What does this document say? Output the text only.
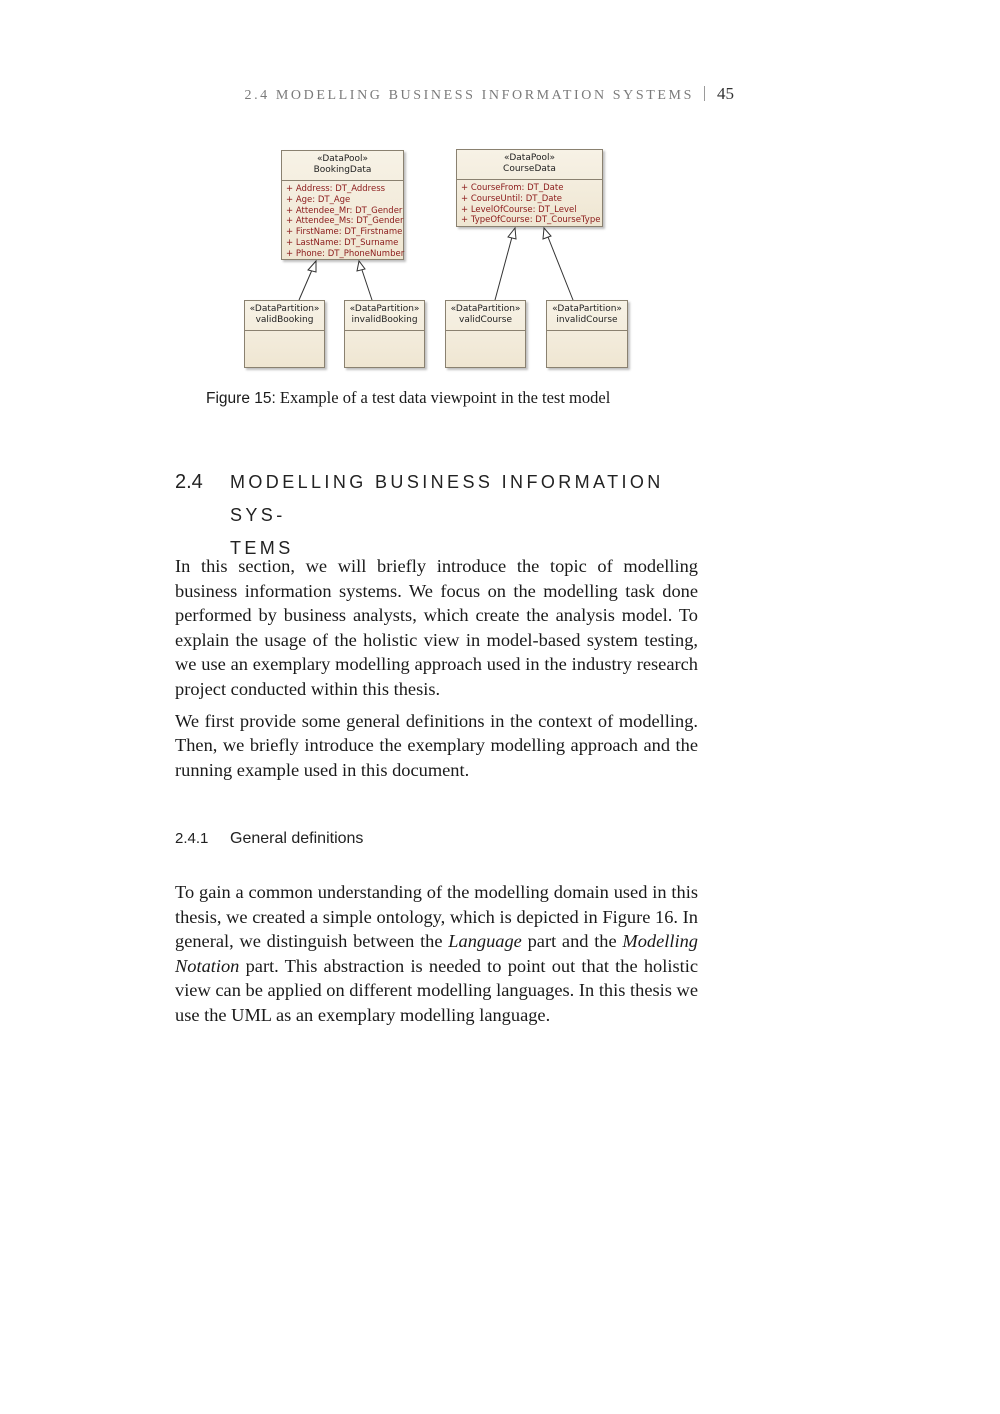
2.4 MODELLING BUSINESS INFORMATION SYSTEMS 45
«DataPool»
BookingData
+ Address: DT_Address
+ Age: DT_Age
+ Attendee_Mr: DT_Gender
+ Attendee_Ms: DT_Gender
+ FirstName: DT_Firstname
+ LastName: DT_Surname
+ Phone: DT_PhoneNumber
«DataPool»
CourseData
+ CourseFrom: DT_Date
+ CourseUntil: DT_Date
+ LevelOfCourse: DT_Level
+ TypeOfCourse: DT_CourseType
«DataPartition»
validBooking
«DataPartition»
invalidBooking
«DataPartition»
validCourse
«DataPartition»
invalidCourse
Figure 15: Example of a test data viewpoint in the test model
2.4 MODELLING BUSINESS INFORMATION SYS-
TEMS

In this section, we will briefly introduce the topic of modelling business information systems. We focus on the modelling task done performed by business analysts, which create the analysis model. To explain the usage of the holistic view in model-based system testing, we use an exemplary modelling approach used in the industry research project conducted within this thesis.

We first provide some general definitions in the context of modelling. Then, we briefly introduce the exemplary modelling approach and the running example used in this document.

2.4.1 General definitions

To gain a common understanding of the modelling domain used in this thesis, we created a simple ontology, which is depicted in Figure 16. In general, we distinguish between the Language part and the Modelling Notation part. This abstraction is needed to point out that the holistic view can be applied on different modelling languages. In this thesis we use the UML as an exemplary modelling language.
